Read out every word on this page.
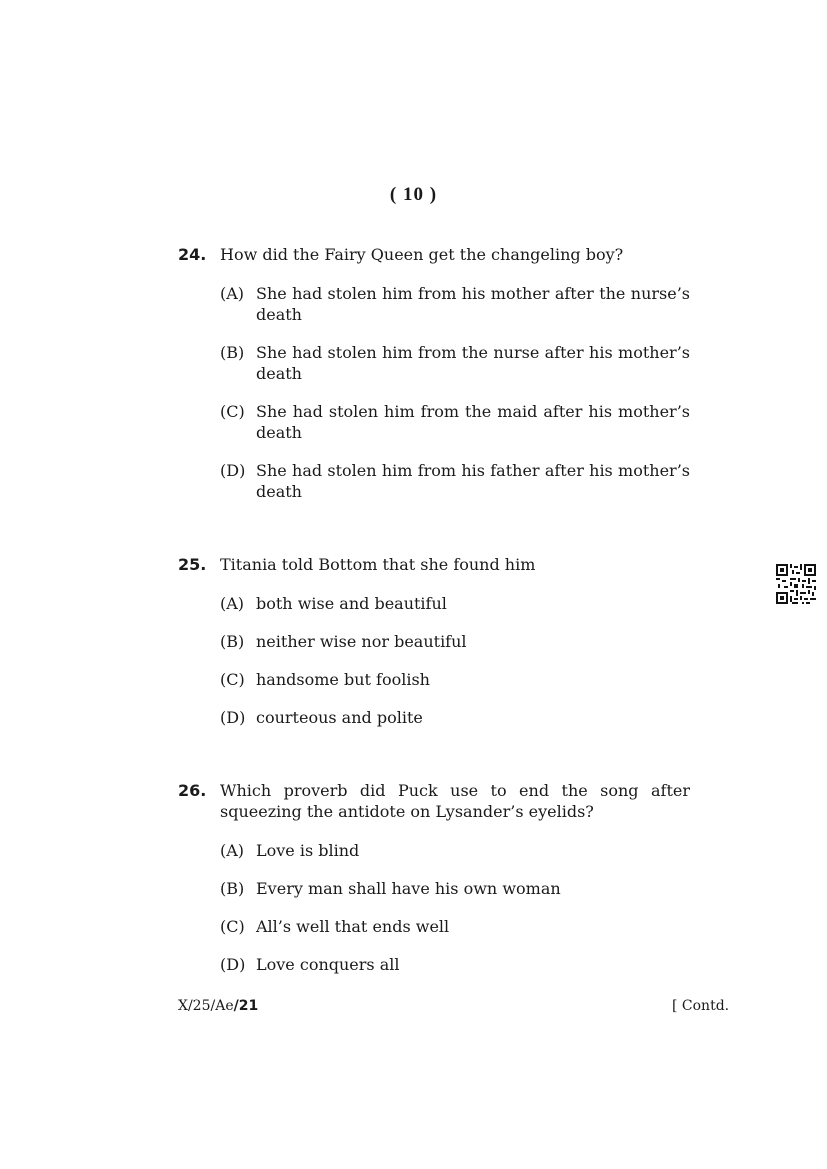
( 10 )
24. How did the Fairy Queen get the changeling boy?
(A) She had stolen him from his mother after the nurse’s death
(B) She had stolen him from the nurse after his mother’s death
(C) She had stolen him from the maid after his mother’s death
(D) She had stolen him from his father after his mother’s death
25. Titania told Bottom that she found him
(A) both wise and beautiful
(B) neither wise nor beautiful
(C) handsome but foolish
(D) courteous and polite
26. Which proverb did Puck use to end the song after squeezing the antidote on Lysander’s eyelids?
(A) Love is blind
(B) Every man shall have his own woman
(C) All’s well that ends well
(D) Love conquers all
X/25/Ae/21	[ Contd.
